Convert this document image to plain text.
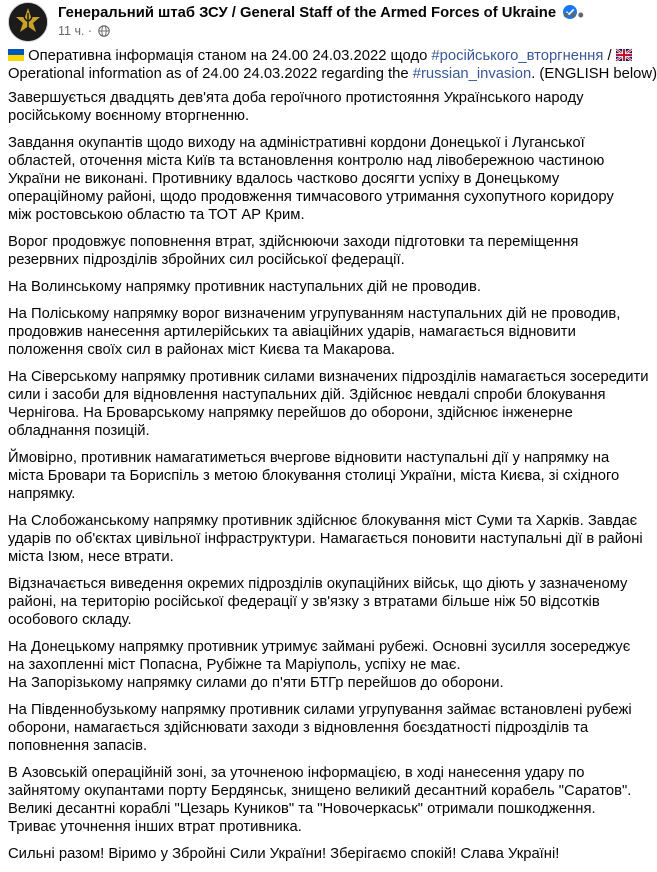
Генеральний штаб ЗСУ / General Staff of the Armed Forces of Ukraine
11 ч. ·
•••

Оперативна інформація станом на 24.00 24.03.2022 щодо #російського_вторгнення /
Operational information as of 24.00 24.03.2022 regarding the #russian_invasion. (ENGLISH below)

Завершується двадцять дев'ята доба героїчного протистояння Українського народу
російському воєнному вторгненню.

Завдання окупантів щодо виходу на адміністративні кордони Донецької і Луганської
областей, оточення міста Київ та встановлення контролю над лівобережною частиною
України не виконані. Противнику вдалось частково досягти успіху в Донецькому
операційному районі, щодо продовження тимчасового утримання сухопутного коридору
між ростовською областю та ТОТ АР Крим.

Ворог продовжує поповнення втрат, здійснюючи заходи підготовки та переміщення
резервних підрозділів збройних сил російської федерації.

На Волинському напрямку противник наступальних дій не проводив.

На Поліському напрямку ворог визначеним угрупуванням наступальних дій не проводив,
продовжив нанесення артилерійських та авіаційних ударів, намагається відновити
положення своїх сил в районах міст Києва та Макарова.

На Сіверському напрямку противник силами визначених підрозділів намагається зосередити
сили і засоби для відновлення наступальних дій. Здійснює невдалі спроби блокування
Чернігова. На Броварському напрямку перейшов до оборони, здійснює інженерне
обладнання позицій.

Ймовірно, противник намагатиметься вчергове відновити наступальні дії у напрямку на
міста Бровари та Бориспіль з метою блокування столиці України, міста Києва, зі східного
напрямку.

На Слобожанському напрямку противник здійснює блокування міст Суми та Харків. Завдає
ударів по об'єктах цивільної інфраструктури. Намагається поновити наступальні дії в районі
міста Ізюм, несе втрати.

Відзначається виведення окремих підрозділів окупаційних військ, що діють у зазначеному
районі, на територію російської федерації у зв'язку з втратами більше ніж 50 відсотків
особового складу.

На Донецькому напрямку противник утримує займані рубежі. Основні зусилля зосереджує
на захопленні міст Попасна, Рубіжне та Маріуполь, успіху не має.
На Запорізькому напрямку силами до п'яти БТГр перейшов до оборони.

На Південнобузькому напрямку противник силами угрупування займає встановлені рубежі
оборони, намагається здійснювати заходи з відновлення боєздатності підрозділів та
поповнення запасів.

В Азовській операційній зоні, за уточненою інформацією, в ході нанесення удару по
зайнятому окупантами порту Бердянськ, знищено великий десантний корабель "Саратов".
Великі десантні кораблі "Цезарь Куников" та "Новочеркаськ" отримали пошкодження.
Триває уточнення інших втрат противника.

Сильні разом! Віримо у Збройні Сили України! Зберігаємо спокій! Слава Україні!
